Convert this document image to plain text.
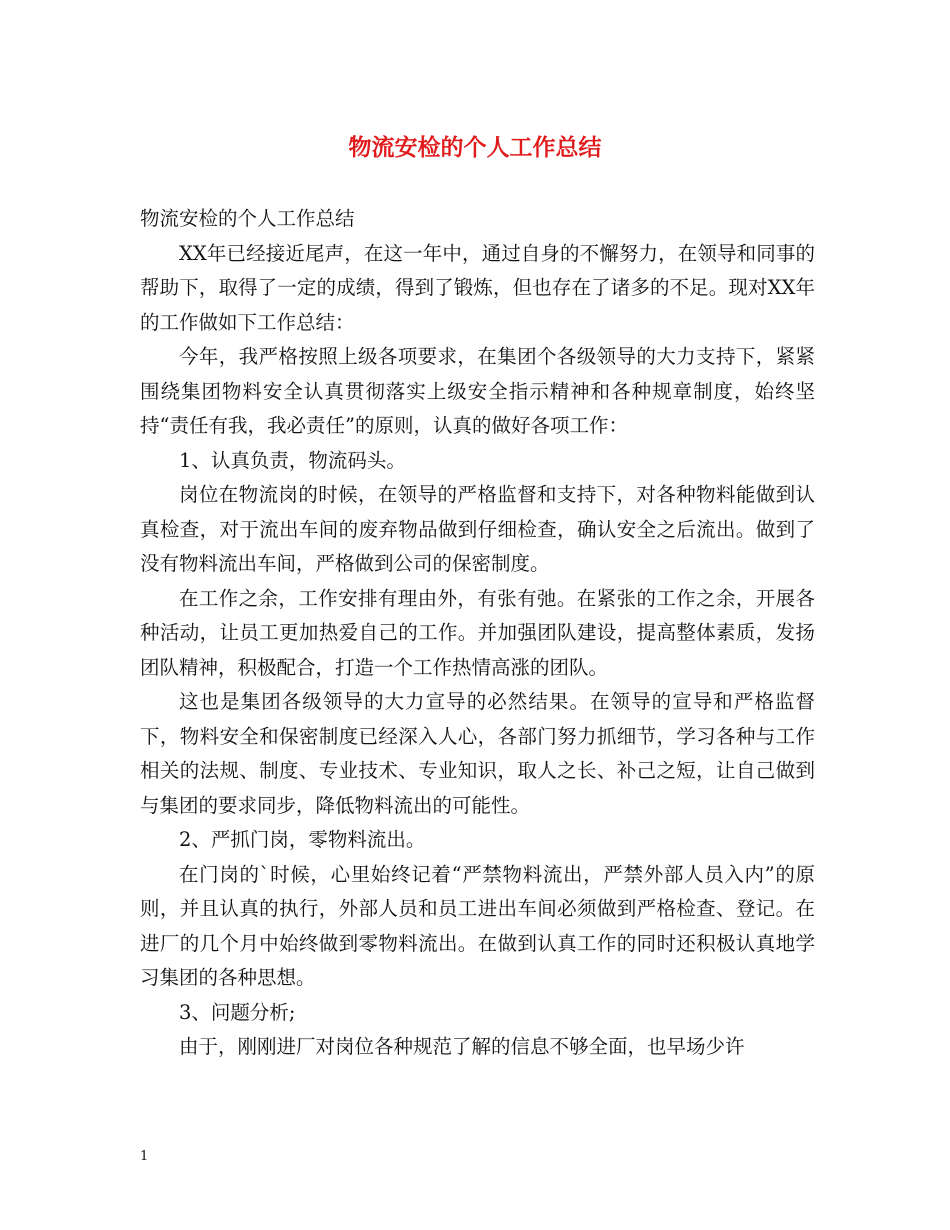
物流安检的个人工作总结

物流安检的个人工作总结

XX年已经接近尾声，在这一年中，通过自身的不懈努力，在领导和同事的帮助下，取得了一定的成绩，得到了锻炼，但也存在了诸多的不足。现对XX年的工作做如下工作总结：

今年，我严格按照上级各项要求，在集团个各级领导的大力支持下，紧紧围绕集团物料安全认真贯彻落实上级安全指示精神和各种规章制度，始终坚持“责任有我，我必责任”的原则，认真的做好各项工作：

1、认真负责，物流码头。

岗位在物流岗的时候，在领导的严格监督和支持下，对各种物料能做到认真检查，对于流出车间的废弃物品做到仔细检查，确认安全之后流出。做到了没有物料流出车间，严格做到公司的保密制度。

在工作之余，工作安排有理由外，有张有弛。在紧张的工作之余，开展各种活动，让员工更加热爱自己的工作。并加强团队建设，提高整体素质，发扬团队精神，积极配合，打造一个工作热情高涨的团队。

这也是集团各级领导的大力宣导的必然结果。在领导的宣导和严格监督下，物料安全和保密制度已经深入人心，各部门努力抓细节，学习各种与工作相关的法规、制度、专业技术、专业知识，取人之长、补己之短，让自己做到与集团的要求同步，降低物料流出的可能性。

2、严抓门岗，零物料流出。

在门岗的`时候，心里始终记着“严禁物料流出，严禁外部人员入内”的原则，并且认真的执行，外部人员和员工进出车间必须做到严格检查、登记。在进厂的几个月中始终做到零物料流出。在做到认真工作的同时还积极认真地学习集团的各种思想。

3、问题分析;

由于，刚刚进厂对岗位各种规范了解的信息不够全面，也早场少许

1
